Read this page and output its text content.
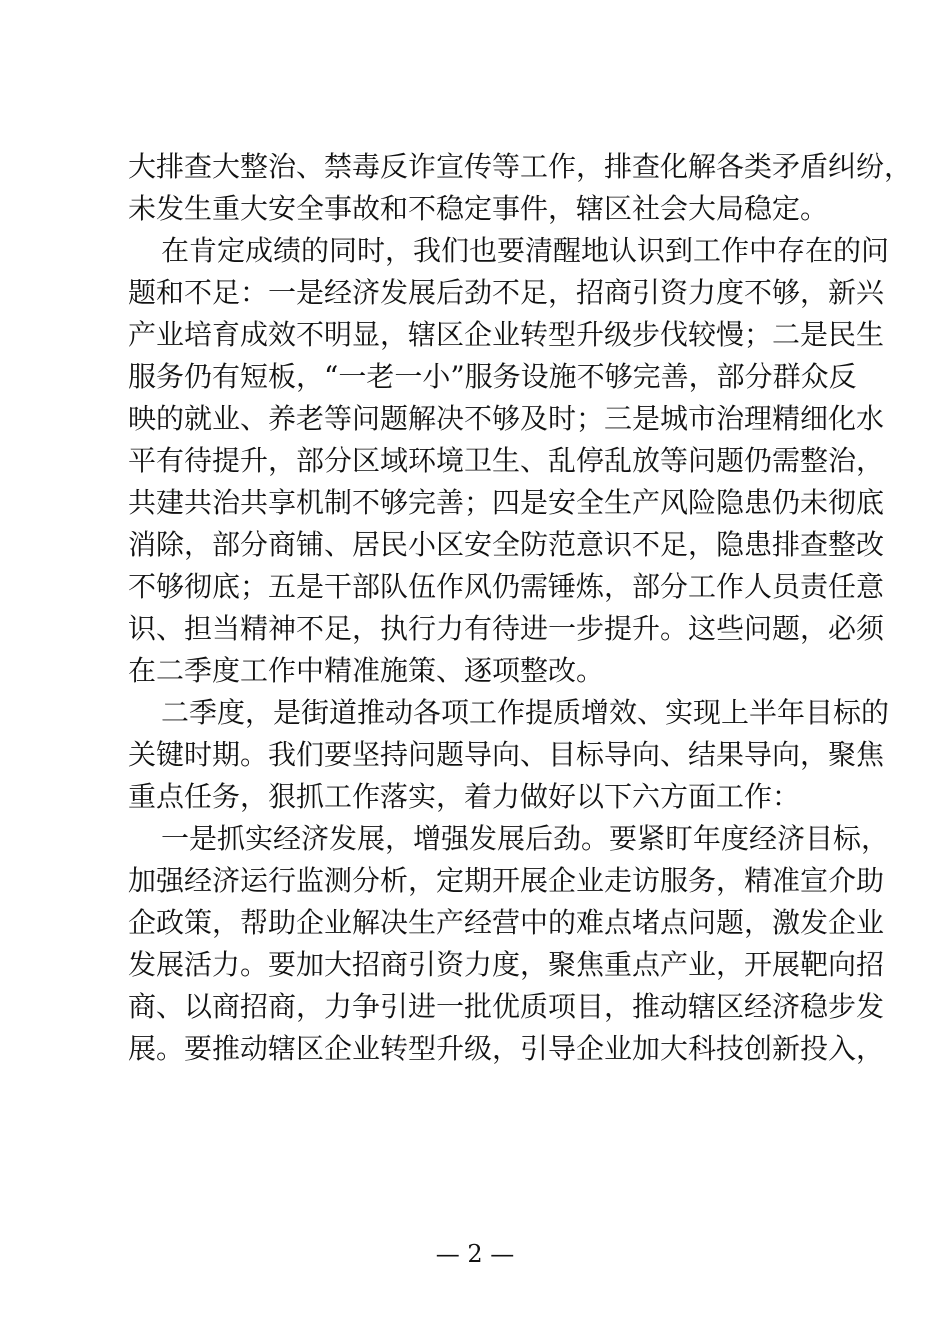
大排查大整治、禁毒反诈宣传等工作，排查化解各类矛盾纠纷，
未发生重大安全事故和不稳定事件，辖区社会大局稳定。

在肯定成绩的同时，我们也要清醒地认识到工作中存在的问
题和不足：一是经济发展后劲不足，招商引资力度不够，新兴
产业培育成效不明显，辖区企业转型升级步伐较慢；二是民生
服务仍有短板，“一老一小”服务设施不够完善，部分群众反
映的就业、养老等问题解决不够及时；三是城市治理精细化水
平有待提升，部分区域环境卫生、乱停乱放等问题仍需整治，
共建共治共享机制不够完善；四是安全生产风险隐患仍未彻底
消除，部分商铺、居民小区安全防范意识不足，隐患排查整改
不够彻底；五是干部队伍作风仍需锤炼，部分工作人员责任意
识、担当精神不足，执行力有待进一步提升。这些问题，必须
在二季度工作中精准施策、逐项整改。

二季度，是街道推动各项工作提质增效、实现上半年目标的
关键时期。我们要坚持问题导向、目标导向、结果导向，聚焦
重点任务，狠抓工作落实，着力做好以下六方面工作：

一是抓实经济发展，增强发展后劲。要紧盯年度经济目标，
加强经济运行监测分析，定期开展企业走访服务，精准宣介助
企政策，帮助企业解决生产经营中的难点堵点问题，激发企业
发展活力。要加大招商引资力度，聚焦重点产业，开展靶向招
商、以商招商，力争引进一批优质项目，推动辖区经济稳步发
展。要推动辖区企业转型升级，引导企业加大科技创新投入，

— 2 —
